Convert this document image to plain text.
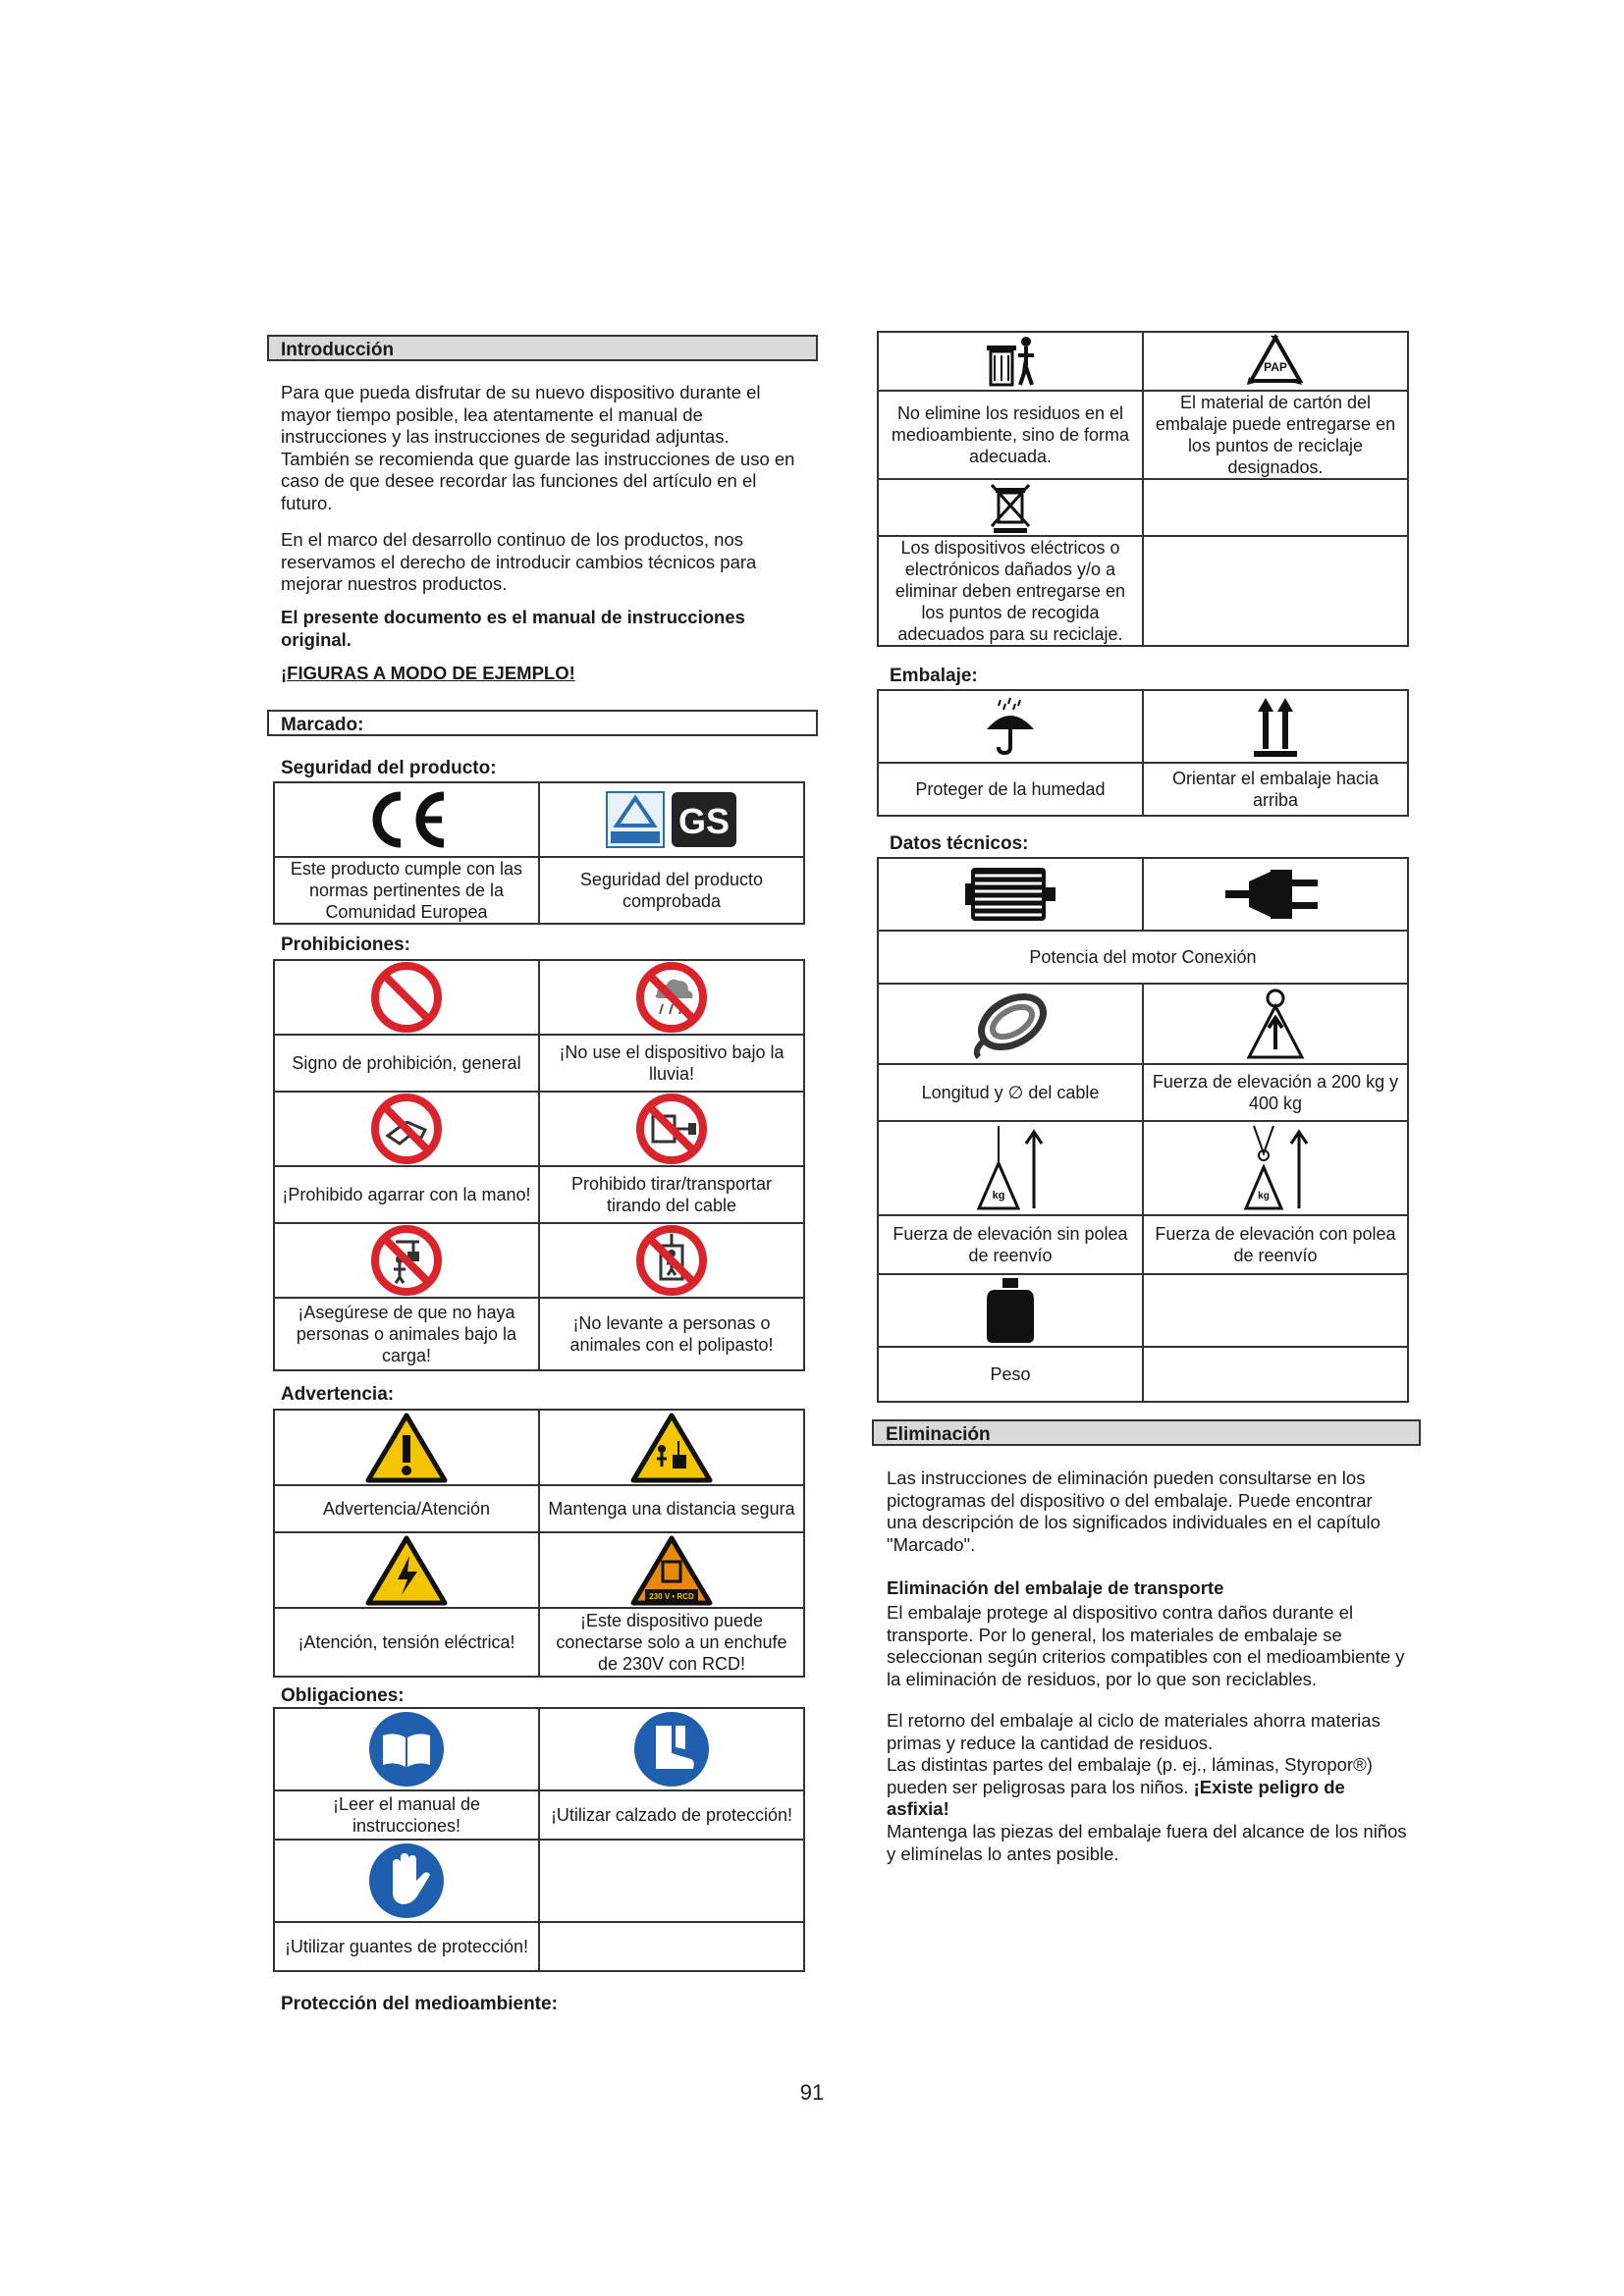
Introducción
Para que pueda disfrutar de su nuevo dispositivo durante el mayor tiempo posible, lea atentamente el manual de instrucciones y las instrucciones de seguridad adjuntas. También se recomienda que guarde las instrucciones de uso en caso de que desee recordar las funciones del artículo en el futuro.
En el marco del desarrollo continuo de los productos, nos reservamos el derecho de introducir cambios técnicos para mejorar nuestros productos.
El presente documento es el manual de instrucciones original.
¡FIGURAS A MODO DE EJEMPLO!
Marcado:
Seguridad del producto:

GS

Este producto cumple con las normas pertinentes de la Comunidad Europea	Seguridad del producto comprobada
Prohibiciones:

Signo de prohibición, general	¡No use el dispositivo bajo la lluvia!

¡Prohibido agarrar con la mano!	Prohibido tirar/transportar tirando del cable

¡Asegúrese de que no haya personas o animales bajo la carga!	¡No levante a personas o animales con el polipasto!
Advertencia:

Advertencia/Atención	Mantenga una distancia segura

230 V • RCD

¡Atención, tensión eléctrica!	¡Este dispositivo puede conectarse solo a un enchufe de 230V con RCD!
Obligaciones:

¡Leer el manual de instrucciones!	¡Utilizar calzado de protección!

¡Utilizar guantes de protección!	
Protección del medioambiente:

PAP

No elimine los residuos en el medioambiente, sino de forma adecuada.	El material de cartón del embalaje puede entregarse en los puntos de reciclaje designados.

Los dispositivos eléctricos o electrónicos dañados y/o a eliminar deben entregarse en los puntos de recogida adecuados para su reciclaje.	
Embalaje:

Proteger de la humedad	Orientar el embalaje hacia arriba
Datos técnicos:

Potencia del motor Conexión	

Longitud y ∅ del cable	Fuerza de elevación a 200 kg y 400 kg

kg	kg

Fuerza de elevación sin polea de reenvío	Fuerza de elevación con polea de reenvío

Peso	
Eliminación
Las instrucciones de eliminación pueden consultarse en los pictogramas del dispositivo o del embalaje. Puede encontrar una descripción de los significados individuales en el capítulo "Marcado".
Eliminación del embalaje de transporte
El embalaje protege al dispositivo contra daños durante el transporte. Por lo general, los materiales de embalaje se seleccionan según criterios compatibles con el medioambiente y la eliminación de residuos, por lo que son reciclables.
El retorno del embalaje al ciclo de materiales ahorra materias primas y reduce la cantidad de residuos.
Las distintas partes del embalaje (p. ej., láminas, Styropor®) pueden ser peligrosas para los niños. ¡Existe peligro de asfixia!
Mantenga las piezas del embalaje fuera del alcance de los niños y elimínelas lo antes posible.
91
